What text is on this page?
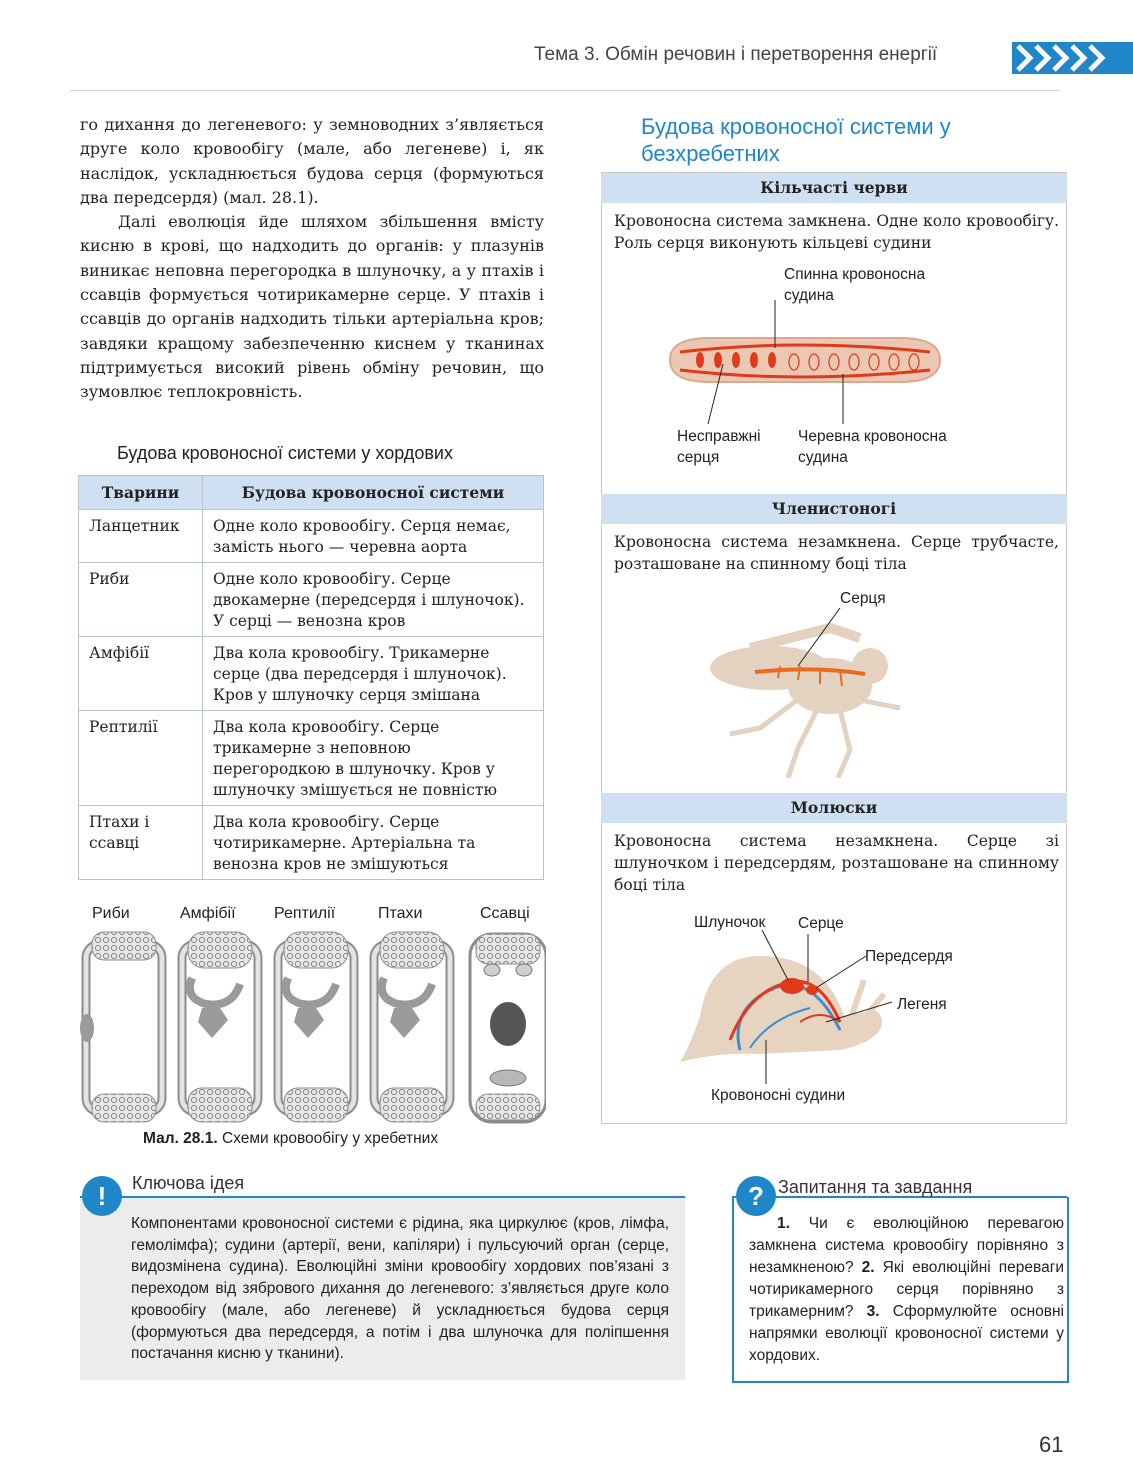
Тема 3. Обмін речовин і перетворення енергії

го дихання до легеневого: у земноводних з’являється друге коло кровообігу (мале, або легеневе) і, як наслідок, ускладнюється будова серця (формуються два передсердя) (мал. 28.1).

Далі еволюція йде шляхом збільшення вмісту кисню в крові, що надходить до органів: у плазунів виникає неповна перегородка в шлуночку, а у птахів і ссавців формується чотирикамерне серце. У птахів і ссавців до органів надходить тільки артеріальна кров; завдяки кращому забезпеченню киснем у тканинах підтримується високий рівень обміну речовин, що зумовлює теплокровність.

Будова кровоносної системи у хордових
Тварини	Будова кровоносної системи
Ланцетник	Одне коло кровообігу. Серця немає, замість нього — черевна аорта
Риби	Одне коло кровообігу. Серце двокамерне (передсердя і шлуночок). У серці — венозна кров
Амфібії	Два кола кровообігу. Трикамерне серце (два передсердя і шлуночок). Кров у шлуночку серця змішана
Рептилії	Два кола кровообігу. Серце трикамерне з неповною перегородкою в шлуночку. Кров у шлуночку змішується не повністю
Птахи і ссавці	Два кола кровообігу. Серце чотирикамерне. Артеріальна та венозна кров не змішуються
Риби	Амфібії Рептилії	Птахи	Ссавці
Мал. 28.1. Схеми кровообігу у хребетних
Будова кровоносної системи у безхребетних
Кільчасті черви
Кровоносна система замкнена. Одне коло кровообігу. Роль серця виконують кільцеві судини
Спинна кровоносна судина
Несправжні серця
Черевна кровоносна судина
Членистоногі
Кровоносна система незамкнена. Серце трубчасте, розташоване на спинному боці тіла
Серця
Молюски
Кровоносна система незамкнена. Серце зі шлуночком і передсердям, розташоване на спинному боці тіла
Шлуночок Серце
Передсердя
Легеня
Кровоносні судини
!	Ключова ідея
Компонентами кровоносної системи є рідина, яка циркулює (кров, лімфа, гемолімфа); судини (артерії, вени, капіляри) і пульсуючий орган (серце, видозмінена судина). Еволюційні зміни кровообігу хордових пов’язані з переходом від зябрового дихання до легеневого: з’являється друге коло кровообігу (мале, або легеневе) й ускладнюється будова серця (формуються два передсердя, а потім і два шлуночка для поліпшення постачання кисню у тканини).
? Запитання та завдання
1. Чи є еволюційною перевагою замкнена система кровообігу порівняно з незамкненою? 2. Які еволюційні переваги чотирикамерного серця порівняно з трикамерним? 3. Сформулюйте основні напрямки еволюції кровоносної системи у хордових.
61
